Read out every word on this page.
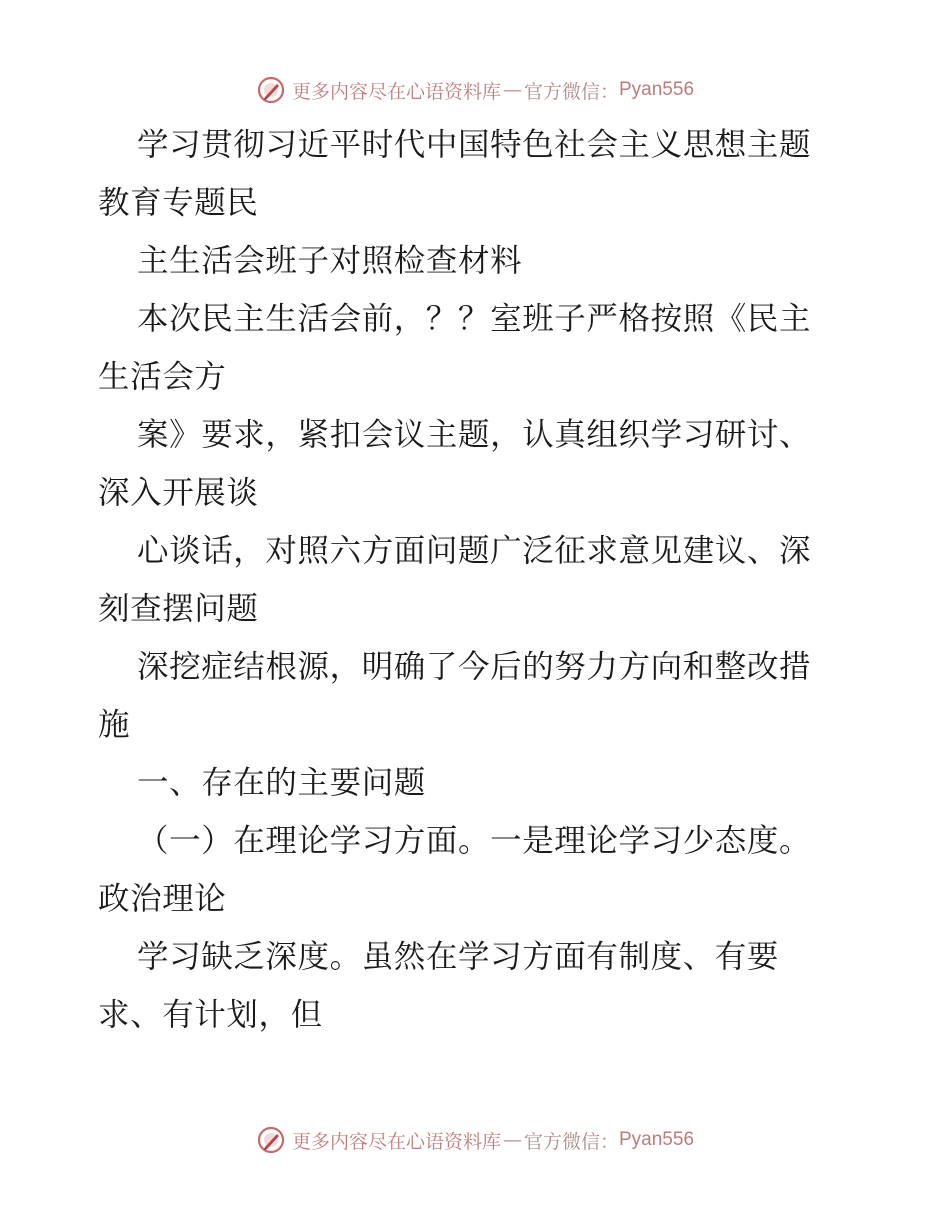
更多内容尽在心语资料库 — 官方微信： Pyan556
学习贯彻习近平时代中国特色社会主义思想主题
教育专题民
主生活会班子对照检查材料
本次民主生活会前，？？室班子严格按照《民主
生活会方
案》要求，紧扣会议主题，认真组织学习研讨、
深入开展谈
心谈话，对照六方面问题广泛征求意见建议、深
刻查摆问题
深挖症结根源，明确了今后的努力方向和整改措
施
一、存在的主要问题
（一）在理论学习方面。一是理论学习少态度。
政治理论
学习缺乏深度。虽然在学习方面有制度、有要
求、有计划，但
更多内容尽在心语资料库 — 官方微信： Pyan556
